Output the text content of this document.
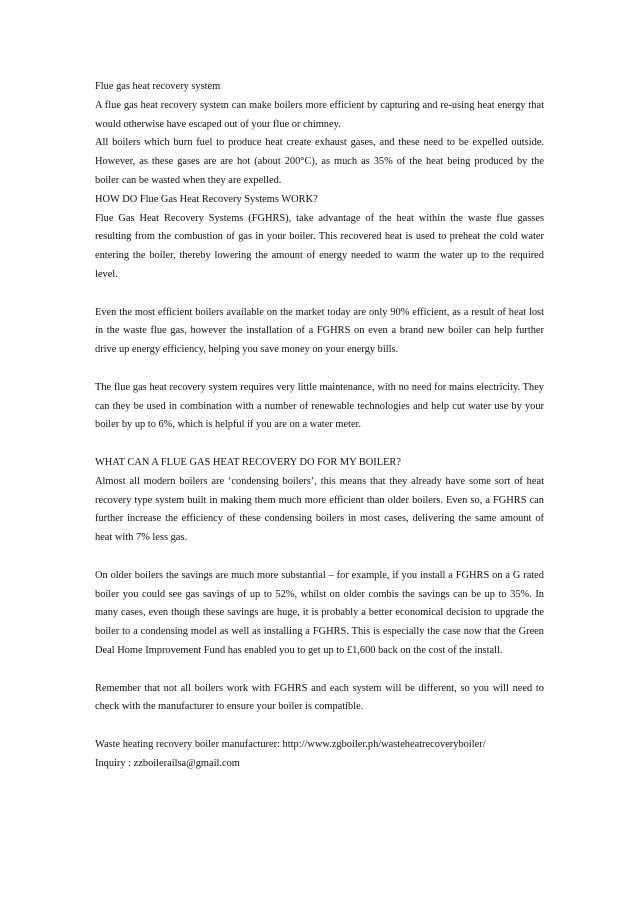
Flue gas heat recovery system

A flue gas heat recovery system can make boilers more efficient by capturing and re-using heat energy that would otherwise have escaped out of your flue or chimney.

All boilers which burn fuel to produce heat create exhaust gases, and these need to be expelled outside. However, as these gases are are hot (about 200°C), as much as 35% of the heat being produced by the boiler can be wasted when they are expelled.

HOW DO Flue Gas Heat Recovery Systems WORK?

Flue Gas Heat Recovery Systems (FGHRS), take advantage of the heat within the waste flue gasses resulting from the combustion of gas in your boiler. This recovered heat is used to preheat the cold water entering the boiler, thereby lowering the amount of energy needed to warm the water up to the required level.

Even the most efficient boilers available on the market today are only 90% efficient, as a result of heat lost in the waste flue gas, however the installation of a FGHRS on even a brand new boiler can help further drive up energy efficiency, helping you save money on your energy bills.

The flue gas heat recovery system requires very little maintenance, with no need for mains electricity. They can they be used in combination with a number of renewable technologies and help cut water use by your boiler by up to 6%, which is helpful if you are on a water meter.

WHAT CAN A FLUE GAS HEAT RECOVERY DO FOR MY BOILER?

Almost all modern boilers are ‘condensing boilers’, this means that they already have some sort of heat recovery type system built in making them much more efficient than older boilers. Even so, a FGHRS can further increase the efficiency of these condensing boilers in most cases, delivering the same amount of heat with 7% less gas.

On older boilers the savings are much more substantial – for example, if you install a FGHRS on a G rated boiler you could see gas savings of up to 52%, whilst on older combis the savings can be up to 35%. In many cases, even though these savings are huge, it is probably a better economical decision to upgrade the boiler to a condensing model as well as installing a FGHRS. This is especially the case now that the Green Deal Home Improvement Fund has enabled you to get up to £1,600 back on the cost of the install.

Remember that not all boilers work with FGHRS and each system will be different, so you will need to check with the manufacturer to ensure your boiler is compatible.

Waste heating recovery boiler manufacturer: http://www.zgboiler.ph/wasteheatrecoveryboiler/

Inquiry : zzboilerailsa@gmail.com
